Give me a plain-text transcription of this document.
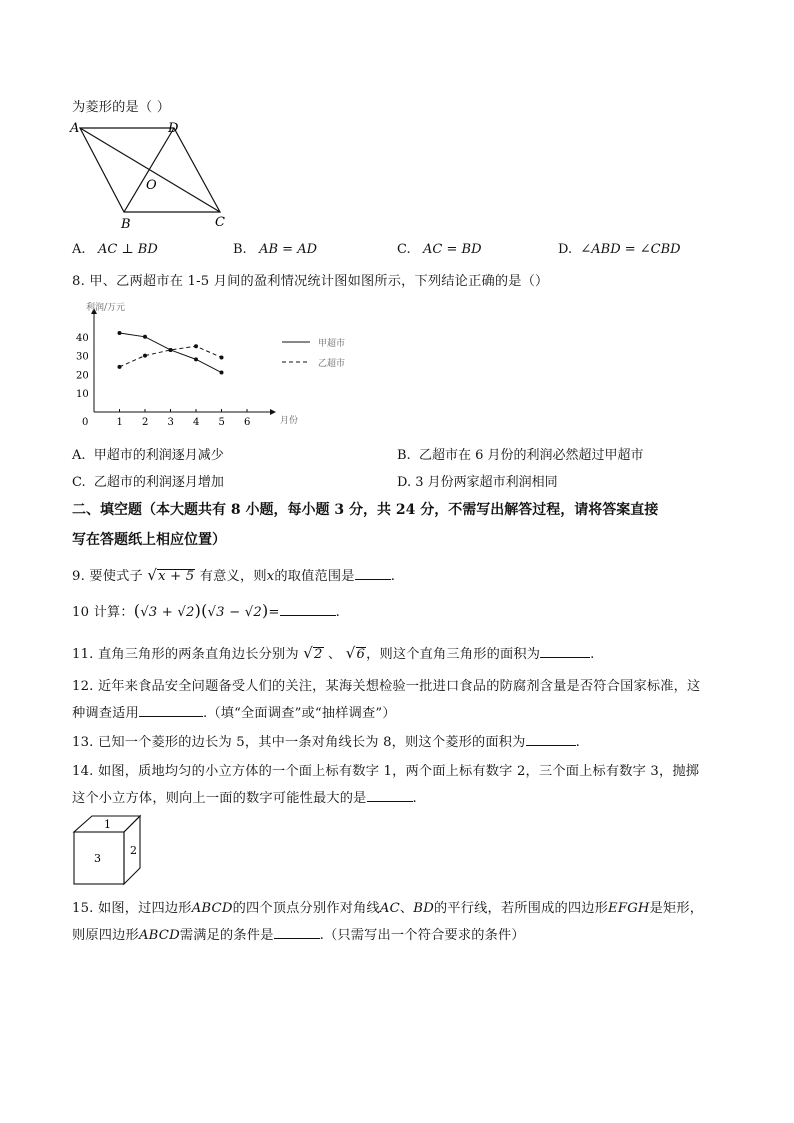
为菱形的是（ ）
A	D
O
B	C
A. AC ⊥ BD	B. AB = AD	C. AC = BD	D. ∠ABD = ∠CBD
8. 甲、乙两超市在 1-5 月间的盈利情况统计图如图所示，下列结论正确的是（）
利润/万元
月份
0	1 2 3 4 5 6
10
20
30
40
甲超市
乙超市
A. 甲超市的利润逐月减少	B. 乙超市在 6 月份的利润必然超过甲超市
C. 乙超市的利润逐月增加	D. 3 月份两家超市利润相同
二、填空题（本大题共有 8 小题，每小题 3 分，共 24 分，不需写出解答过程，请将答案直接
写在答题纸上相应位置）
9. 要使式子 √x + 5 有意义，则x的取值范围是	.
10 计算：(√3 + √2)(√3 − √2)=	.
11. 直角三角形的两条直角边长分别为 √2 、 √6，则这个直角三角形的面积为	.
12. 近年来食品安全问题备受人们的关注，某海关想检验一批进口食品的防腐剂含量是否符合国家标准，这
种调查适用	.（填“全面调查”或“抽样调查”）
13. 已知一个菱形的边长为 5，其中一条对角线长为 8，则这个菱形的面积为	.
14. 如图，质地均匀的小立方体的一个面上标有数字 1，两个面上标有数字 2，三个面上标有数字 3，抛掷
这个小立方体，则向上一面的数字可能性最大的是	.
1
3
2
15. 如图，过四边形ABCD的四个顶点分别作对角线AC、BD的平行线，若所围成的四边形EFGH是矩形，
则原四边形ABCD需满足的条件是	.（只需写出一个符合要求的条件）
